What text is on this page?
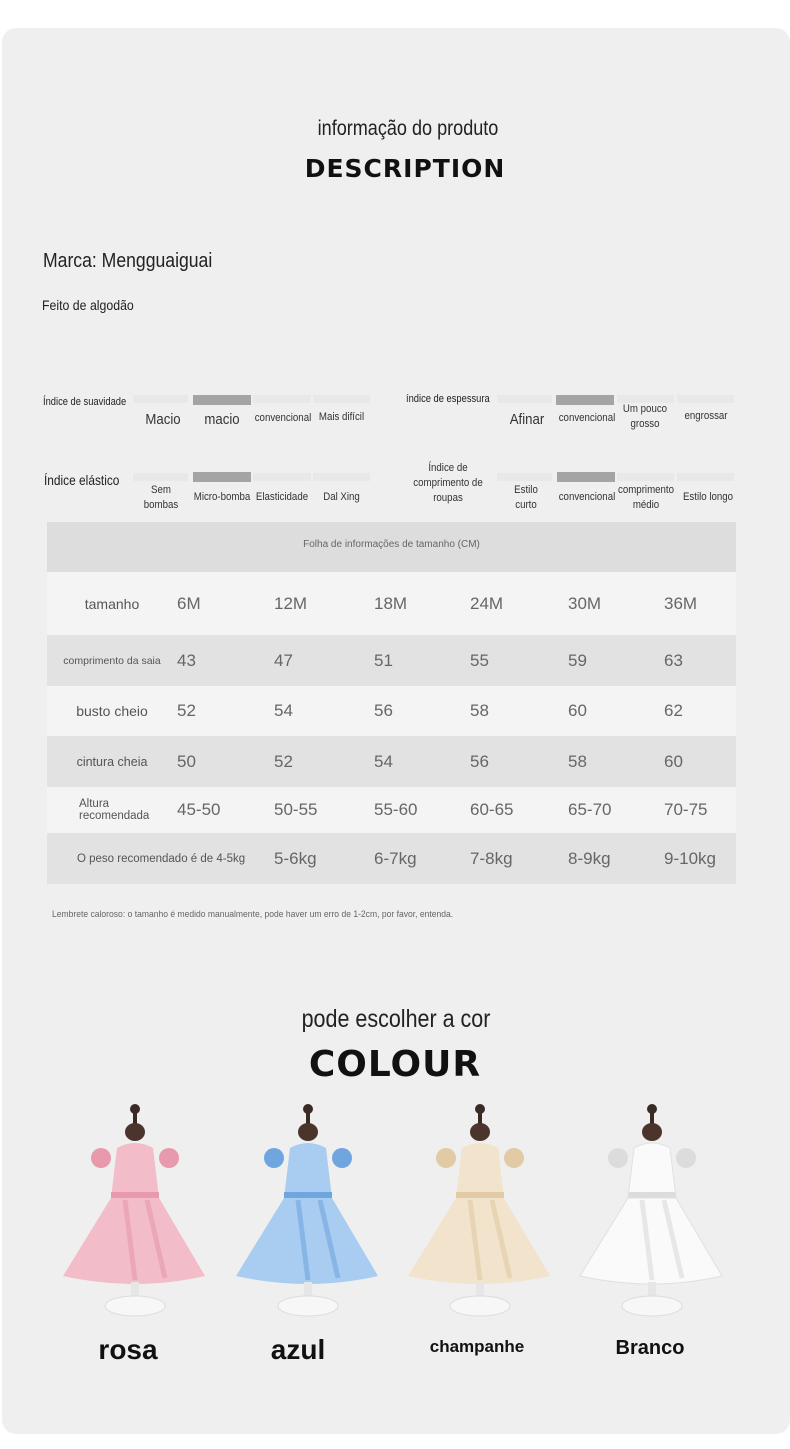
informação do produto
DESCRIPTION
Marca: Mengguaiguai
Feito de algodão
Índice de suavidade
Macio	macio	convencional Mais difícil
índice de espessura
Afinar	convencional
Um pouco grosso
engrossar
Índice elástico
Sem bombas
Micro-bomba Elasticidade	Dal Xing
Índice de comprimento de roupas
Estilo curto
convencional
comprimento médio
Estilo longo
Folha de informações de tamanho (CM)
tamanho	6M	12M	18M	24M	30M	36M
comprimento da saia	43	47	51	55	59	63
busto cheio	52	54	56	58	60	62
cintura cheia	50	52	54	56	58	60
Altura recomendada	45-50	50-55	55-60	60-65	65-70	70-75
O peso recomendado é de 4-5kg		5-6kg	6-7kg	7-8kg	8-9kg	9-10kg
Lembrete caloroso: o tamanho é medido manualmente, pode haver um erro de 1-2cm, por favor, entenda.
pode escolher a cor
COLOUR
rosa	azul	champanhe	Branco
